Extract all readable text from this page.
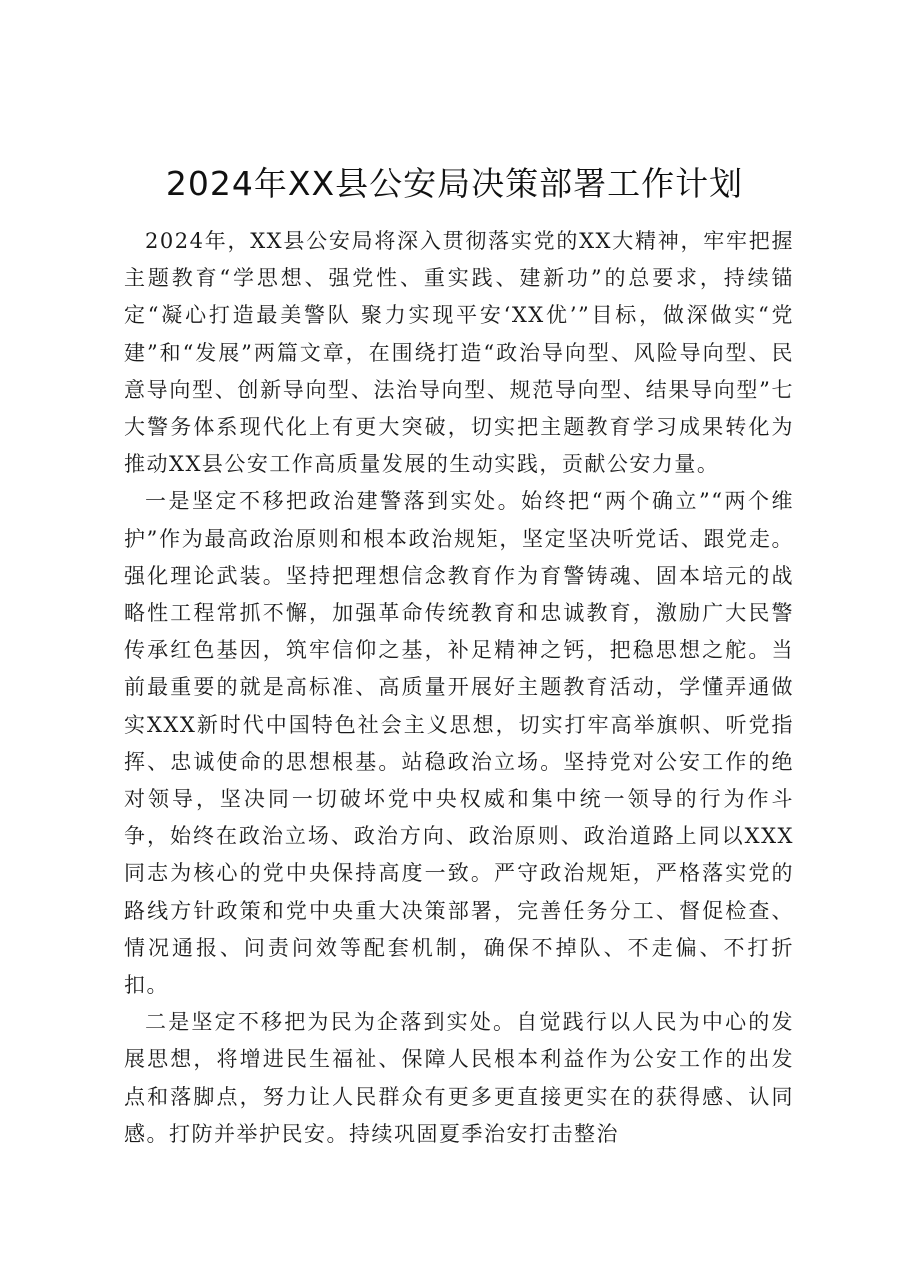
2024年XX县公安局决策部署工作计划

2024年，XX县公安局将深入贯彻落实党的XX大精神，牢牢把握主题教育“学思想、强党性、重实践、建新功”的总要求，持续锚定“凝心打造最美警队 聚力实现平安‘XX优’”目标，做深做实“党建”和“发展”两篇文章，在围绕打造“政治导向型、风险导向型、民意导向型、创新导向型、法治导向型、规范导向型、结果导向型”七大警务体系现代化上有更大突破，切实把主题教育学习成果转化为推动XX县公安工作高质量发展的生动实践，贡献公安力量。

一是坚定不移把政治建警落到实处。始终把“两个确立”“两个维护”作为最高政治原则和根本政治规矩，坚定坚决听党话、跟党走。强化理论武装。坚持把理想信念教育作为育警铸魂、固本培元的战略性工程常抓不懈，加强革命传统教育和忠诚教育，激励广大民警传承红色基因，筑牢信仰之基，补足精神之钙，把稳思想之舵。当前最重要的就是高标准、高质量开展好主题教育活动，学懂弄通做实XXX新时代中国特色社会主义思想，切实打牢高举旗帜、听党指挥、忠诚使命的思想根基。站稳政治立场。坚持党对公安工作的绝对领导，坚决同一切破坏党中央权威和集中统一领导的行为作斗争，始终在政治立场、政治方向、政治原则、政治道路上同以XXX同志为核心的党中央保持高度一致。严守政治规矩，严格落实党的路线方针政策和党中央重大决策部署，完善任务分工、督促检查、情况通报、问责问效等配套机制，确保不掉队、不走偏、不打折扣。

二是坚定不移把为民为企落到实处。自觉践行以人民为中心的发展思想，将增进民生福祉、保障人民根本利益作为公安工作的出发点和落脚点，努力让人民群众有更多更直接更实在的获得感、认同感。打防并举护民安。持续巩固夏季治安打击整治
